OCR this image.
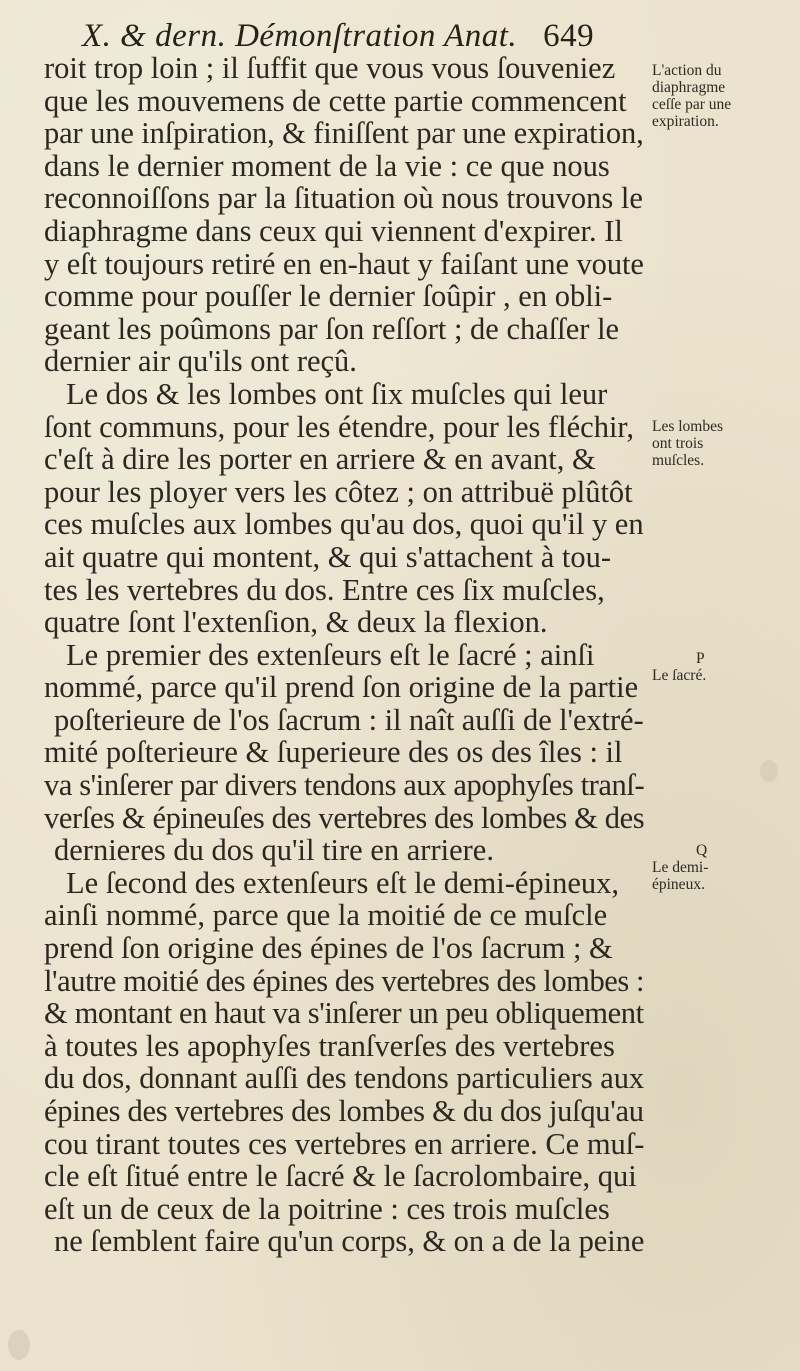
X. & dern. Démonſtration Anat. 649
roit trop loin ; il ſuffit que vous vous ſouveniez
que les mouvemens de cette partie commencent
par une inſpiration, & finiſſent par une expiration,
dans le dernier moment de la vie : ce que nous
reconnoiſſons par la ſituation où nous trouvons le
diaphragme dans ceux qui viennent d'expirer. Il
y eſt toujours retiré en en-haut y faiſant une voute
comme pour pouſſer le dernier ſoûpir , en obli-
geant les poûmons par ſon reſſort ; de chaſſer le
dernier air qu'ils ont reçû.
Le dos & les lombes ont ſix muſcles qui leur
ſont communs, pour les étendre, pour les fléchir,
c'eſt à dire les porter en arriere & en avant, &
pour les ployer vers les côtez ; on attribuë plûtôt
ces muſcles aux lombes qu'au dos, quoi qu'il y en
ait quatre qui montent, & qui s'attachent à tou-
tes les vertebres du dos. Entre ces ſix muſcles,
quatre ſont l'extenſion, & deux la flexion.
Le premier des extenſeurs eſt le ſacré ; ainſi
nommé, parce qu'il prend ſon origine de la partie
poſterieure de l'os ſacrum : il naît auſſi de l'extré-
mité poſterieure & ſuperieure des os des îles : il
va s'inſerer par divers tendons aux apophyſes tranſ-
verſes & épineuſes des vertebres des lombes & des
dernieres du dos qu'il tire en arriere.
Le ſecond des extenſeurs eſt le demi-épineux,
ainſi nommé, parce que la moitié de ce muſcle
prend ſon origine des épines de l'os ſacrum ; &
l'autre moitié des épines des vertebres des lombes :
& montant en haut va s'inſerer un peu obliquement
à toutes les apophyſes tranſverſes des vertebres
du dos, donnant auſſi des tendons particuliers aux
épines des vertebres des lombes & du dos juſqu'au
cou tirant toutes ces vertebres en arriere. Ce muſ-
cle eſt ſitué entre le ſacré & le ſacrolombaire, qui
eſt un de ceux de la poitrine : ces trois muſcles
ne ſemblent faire qu'un corps, & on a de la peine
L'action du
diaphragme
ceſſe par une
expiration.
Les lombes
ont trois
muſcles.
P
Le ſacré.
Q
Le demi-
épineux.
